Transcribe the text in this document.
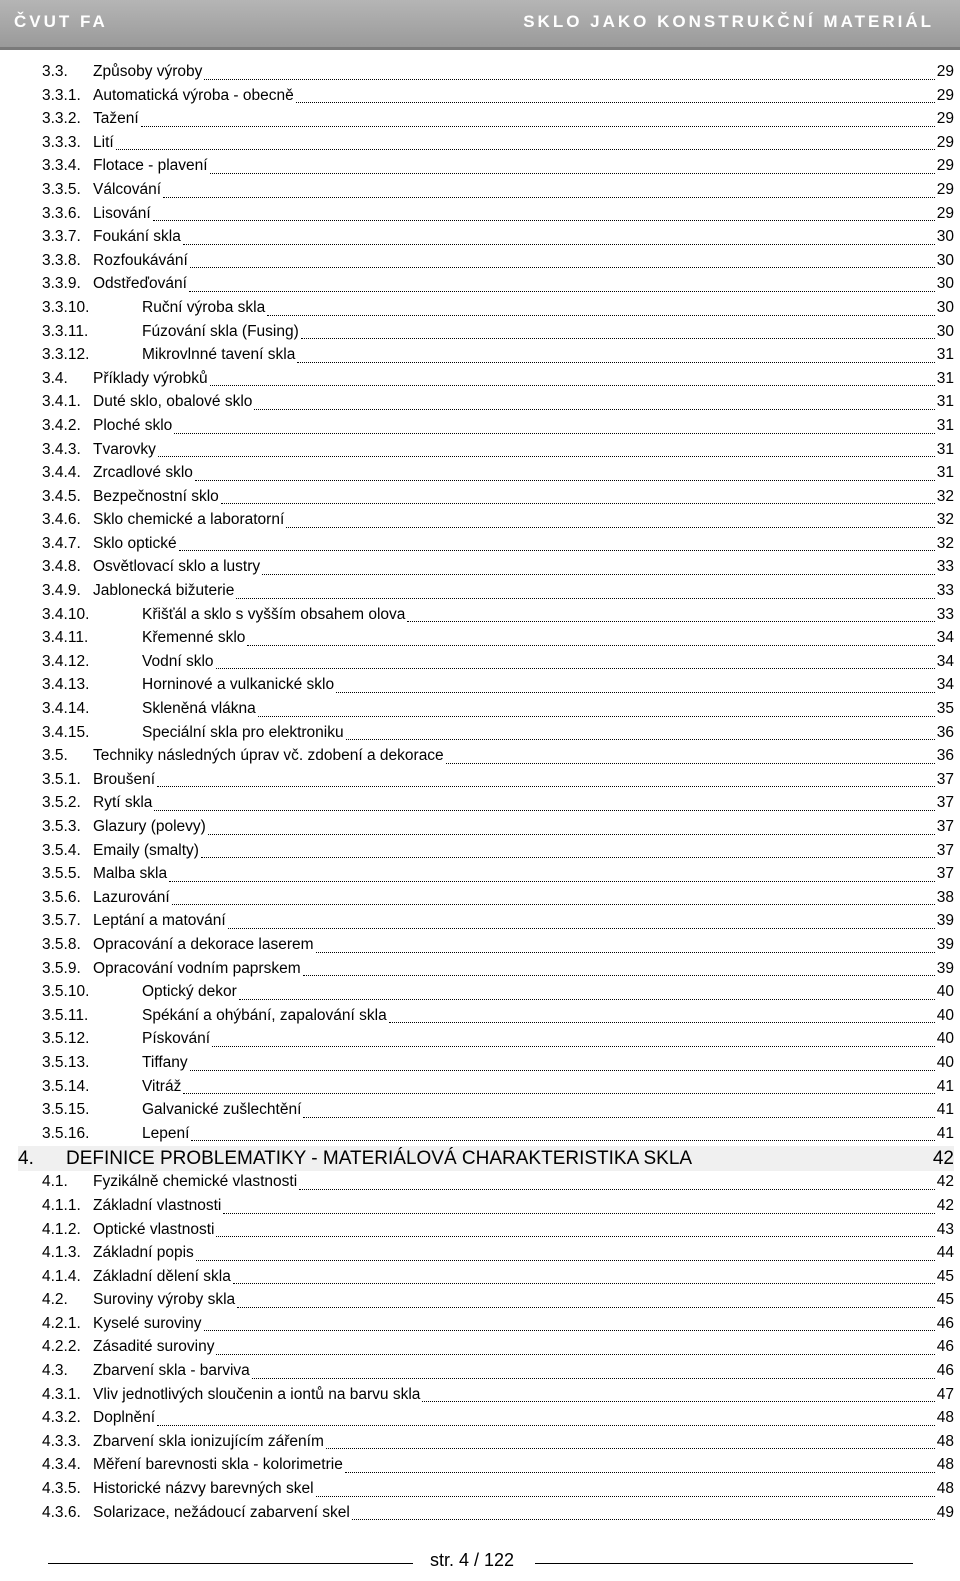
ČVUT FA	SKLO JAKO KONSTRUKČNÍ MATERIÁL
3.3.	Způsoby výroby	29
3.3.1. Automatická výroba - obecně	29
3.3.2. Tažení	29
3.3.3. Lití	29
3.3.4. Flotace - plavení	29
3.3.5. Válcování	29
3.3.6. Lisování	29
3.3.7. Foukání skla	30
3.3.8. Rozfoukávání	30
3.3.9. Odstřeďování	30
3.3.10.	Ruční výroba skla	30
3.3.11.	Fúzování skla (Fusing)	30
3.3.12.	Mikrovlnné tavení skla	31
3.4.	Příklady výrobků	31
3.4.1. Duté sklo, obalové sklo	31
3.4.2. Ploché sklo	31
3.4.3. Tvarovky	31
3.4.4. Zrcadlové sklo	31
3.4.5. Bezpečnostní sklo	32
3.4.6. Sklo chemické a laboratorní	32
3.4.7. Sklo optické	32
3.4.8. Osvětlovací sklo a lustry	33
3.4.9. Jablonecká bižuterie	33
3.4.10.	Křišťál a sklo s vyšším obsahem olova	33
3.4.11.	Křemenné sklo	34
3.4.12.	Vodní sklo	34
3.4.13.	Horninové a vulkanické sklo	34
3.4.14.	Skleněná vlákna	35
3.4.15.	Speciální skla pro elektroniku	36
3.5.	Techniky následných úprav vč. zdobení a dekorace	36
3.5.1. Broušení	37
3.5.2. Rytí skla	37
3.5.3. Glazury (polevy)	37
3.5.4. Emaily (smalty)	37
3.5.5. Malba skla	37
3.5.6. Lazurování	38
3.5.7. Leptání a matování	39
3.5.8. Opracování a dekorace laserem	39
3.5.9. Opracování vodním paprskem	39
3.5.10.	Optický dekor	40
3.5.11.	Spékání a ohýbání, zapalování skla	40
3.5.12.	Pískování	40
3.5.13.	Tiffany	40
3.5.14.	Vitráž	41
3.5.15.	Galvanické zušlechtění	41
3.5.16.	Lepení	41
4.	DEFINICE PROBLEMATIKY - MATERIÁLOVÁ CHARAKTERISTIKA SKLA	42
4.1.	Fyzikálně chemické vlastnosti	42
4.1.1. Základní vlastnosti	42
4.1.2. Optické vlastnosti	43
4.1.3. Základní popis	44
4.1.4. Základní dělení skla	45
4.2.	Suroviny výroby skla	45
4.2.1. Kyselé suroviny	46
4.2.2. Zásadité suroviny	46
4.3.	Zbarvení skla - barviva	46
4.3.1. Vliv jednotlivých sloučenin a iontů na barvu skla	47
4.3.2. Doplnění	48
4.3.3. Zbarvení skla ionizujícím zářením	48
4.3.4. Měření barevnosti skla - kolorimetrie	48
4.3.5. Historické názvy barevných skel	48
4.3.6. Solarizace, nežádoucí zabarvení skel	49
str. 4 / 122
